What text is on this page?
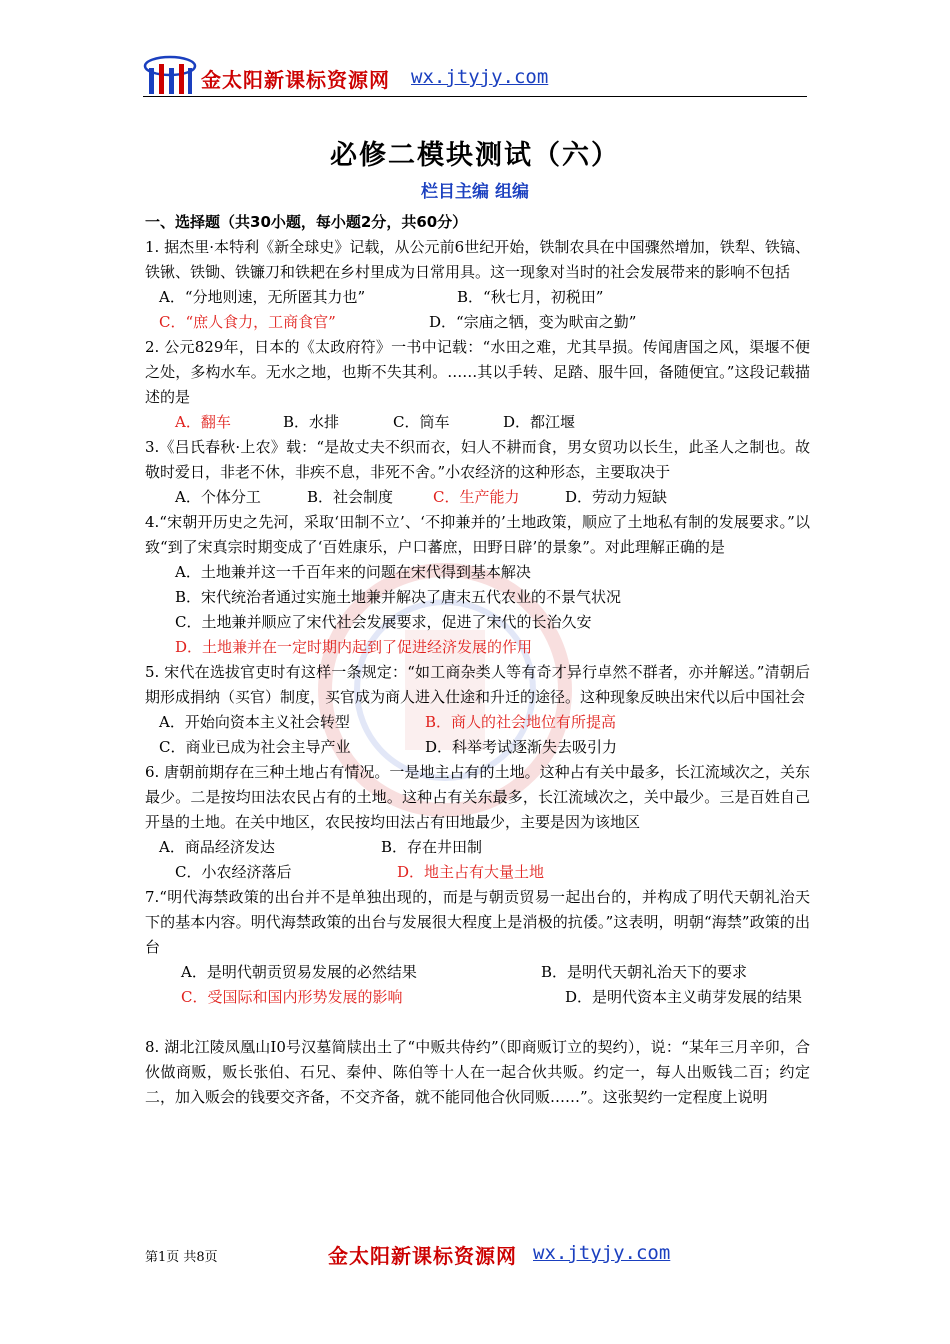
金太阳新课标资源网 wx.jtyjy.com
必修二模块测试（六）
栏目主编 组编
一、选择题（共30小题，每小题2分，共60分）

1. 据杰里·本特利《新全球史》记载，从公元前6世纪开始，铁制农具在中国骤然增加，铁犁、铁镐、铁锹、铁锄、铁镰刀和铁耙在乡村里成为日常用具。这一现象对当时的社会发展带来的影响不包括

A．“分地则速，无所匿其力也”	B．“秋七月，初税田”
C．“庶人食力，工商食官”	D．“宗庙之牺，变为畎亩之勤”

2. 公元829年，日本的《太政府符》一书中记载：“水田之难，尤其旱损。传闻唐国之风，渠堰不便之处，多构水车。无水之地，也斯不失其利。……其以手转、足踏、服牛回，备随便宜。”这段记载描述的是

A．翻车	B．水排	C．筒车	D．都江堰

3.《吕氏春秋·上农》载：“是故丈夫不织而衣，妇人不耕而食，男女贸功以长生，此圣人之制也。故敬时爱日，非老不休，非疾不息，非死不舍。”小农经济的这种形态，主要取决于

A．个体分工	B．社会制度	C．生产能力	D．劳动力短缺

4.“宋朝开历史之先河，采取‘田制不立’、‘不抑兼并的’土地政策，顺应了土地私有制的发展要求。”以致“到了宋真宗时期变成了‘百姓康乐，户口蕃庶，田野日辟’的景象”。对此理解正确的是

A．土地兼并这一千百年来的问题在宋代得到基本解决
B．宋代统治者通过实施土地兼并解决了唐末五代农业的不景气状况
C．土地兼并顺应了宋代社会发展要求，促进了宋代的长治久安
D．土地兼并在一定时期内起到了促进经济发展的作用

5. 宋代在选拔官吏时有这样一条规定：“如工商杂类人等有奇才异行卓然不群者，亦并解送。”清朝后期形成捐纳（买官）制度，买官成为商人进入仕途和升迁的途径。这种现象反映出宋代以后中国社会

A．开始向资本主义社会转型	B．商人的社会地位有所提高
C．商业已成为社会主导产业	D．科举考试逐渐失去吸引力

6. 唐朝前期存在三种土地占有情况。一是地主占有的土地。这种占有关中最多，长江流域次之，关东最少。二是按均田法农民占有的土地。这种占有关东最多，长江流域次之，关中最少。三是百姓自己开垦的土地。在关中地区，农民按均田法占有田地最少，主要是因为该地区

A．商品经济发达	B．存在井田制
C．小农经济落后	D．地主占有大量土地

7.“明代海禁政策的出台并不是单独出现的，而是与朝贡贸易一起出台的，并构成了明代天朝礼治天下的基本内容。明代海禁政策的出台与发展很大程度上是消极的抗倭。”这表明，明朝“海禁”政策的出台

A．是明代朝贡贸易发展的必然结果	B．是明代天朝礼治天下的要求
C．受国际和国内形势发展的影响	D．是明代资本主义萌芽发展的结果

8. 湖北江陵凤凰山I0号汉墓简牍出土了“中贩共侍约”（即商贩订立的契约），说：“某年三月辛卯，合伙做商贩，贩长张伯、石兄、秦仲、陈伯等十人在一起合伙共贩。约定一，每人出贩钱二百；约定二，加入贩会的钱要交齐备，不交齐备，就不能同他合伙同贩……”。这张契约一定程度上说明

第1页 共8页	金太阳新课标资源网 wx.jtyjy.com
